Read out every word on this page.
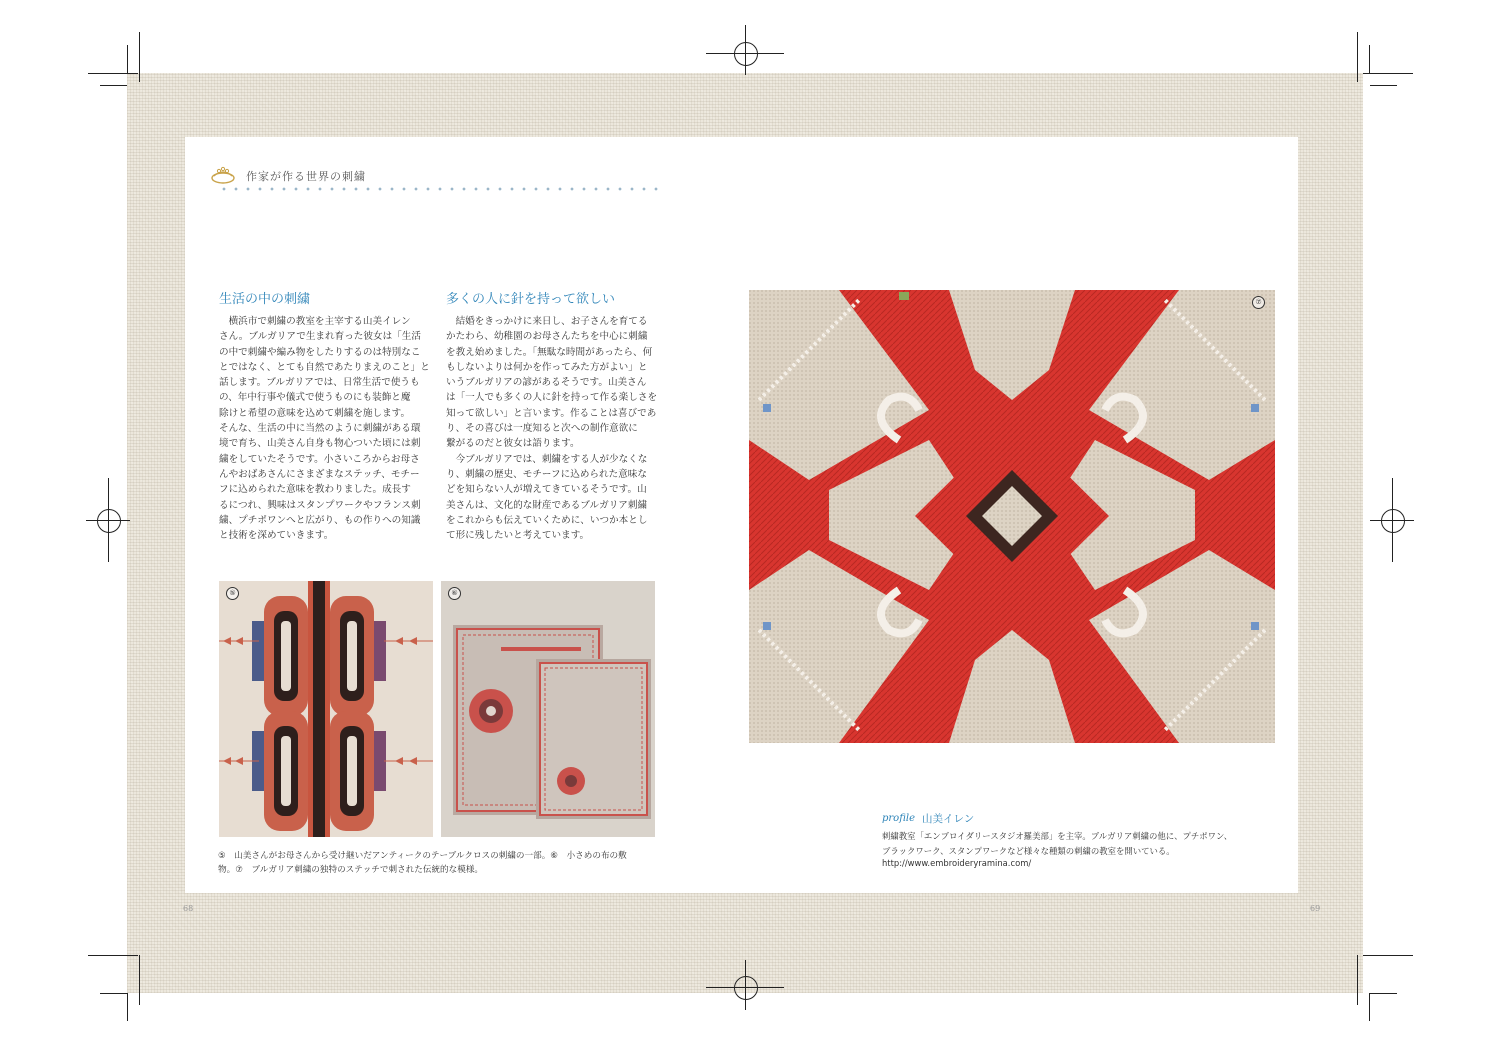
作家が作る世界の刺繍
生活の中の刺繍
　横浜市で刺繍の教室を主宰する山美イレン
さん。ブルガリアで生まれ育った彼女は「生活
の中で刺繍や編み物をしたりするのは特別なこ
とではなく、とても自然であたりまえのこと」と
話します。ブルガリアでは、日常生活で使うも
の、年中行事や儀式で使うものにも装飾と魔
除けと希望の意味を込めて刺繍を施します。
そんな、生活の中に当然のように刺繍がある環
境で育ち、山美さん自身も物心ついた頃には刺
繍をしていたそうです。小さいころからお母さ
んやおばあさんにさまざまなステッチ、モチー
フに込められた意味を教わりました。成長す
るにつれ、興味はスタンプワークやフランス刺
繍、プチポワンへと広がり、もの作りへの知識
と技術を深めていきます。
多くの人に針を持って欲しい
　結婚をきっかけに来日し、お子さんを育てる
かたわら、幼稚園のお母さんたちを中心に刺繍
を教え始めました。「無駄な時間があったら、何
もしないよりは何かを作ってみた方がよい」と
いうブルガリアの諺があるそうです。山美さん
は「一人でも多くの人に針を持って作る楽しさを
知って欲しい」と言います。作ることは喜びであ
り、その喜びは一度知ると次への制作意欲に
繋がるのだと彼女は語ります。
　今ブルガリアでは、刺繍をする人が少なくな
り、刺繍の歴史、モチーフに込められた意味な
どを知らない人が増えてきているそうです。山
美さんは、文化的な財産であるブルガリア刺繍
をこれからも伝えていくために、いつか本とし
て形に残したいと考えています。
⑤	⑥
⑦
⑤　山美さんがお母さんから受け継いだアンティークのテーブルクロスの刺繍の一部。⑥　小さめの布の敷
物。⑦　ブルガリア刺繍の独特のステッチで刺された伝統的な模様。
profile 山美イレン
刺繍教室「エンブロイダリースタジオ羅美部」を主宰。ブルガリア刺繍の他に、プチポワン、
ブラックワーク、スタンプワークなど様々な種類の刺繍の教室を開いている。
http://www.embroideryramina.com/
68	69
